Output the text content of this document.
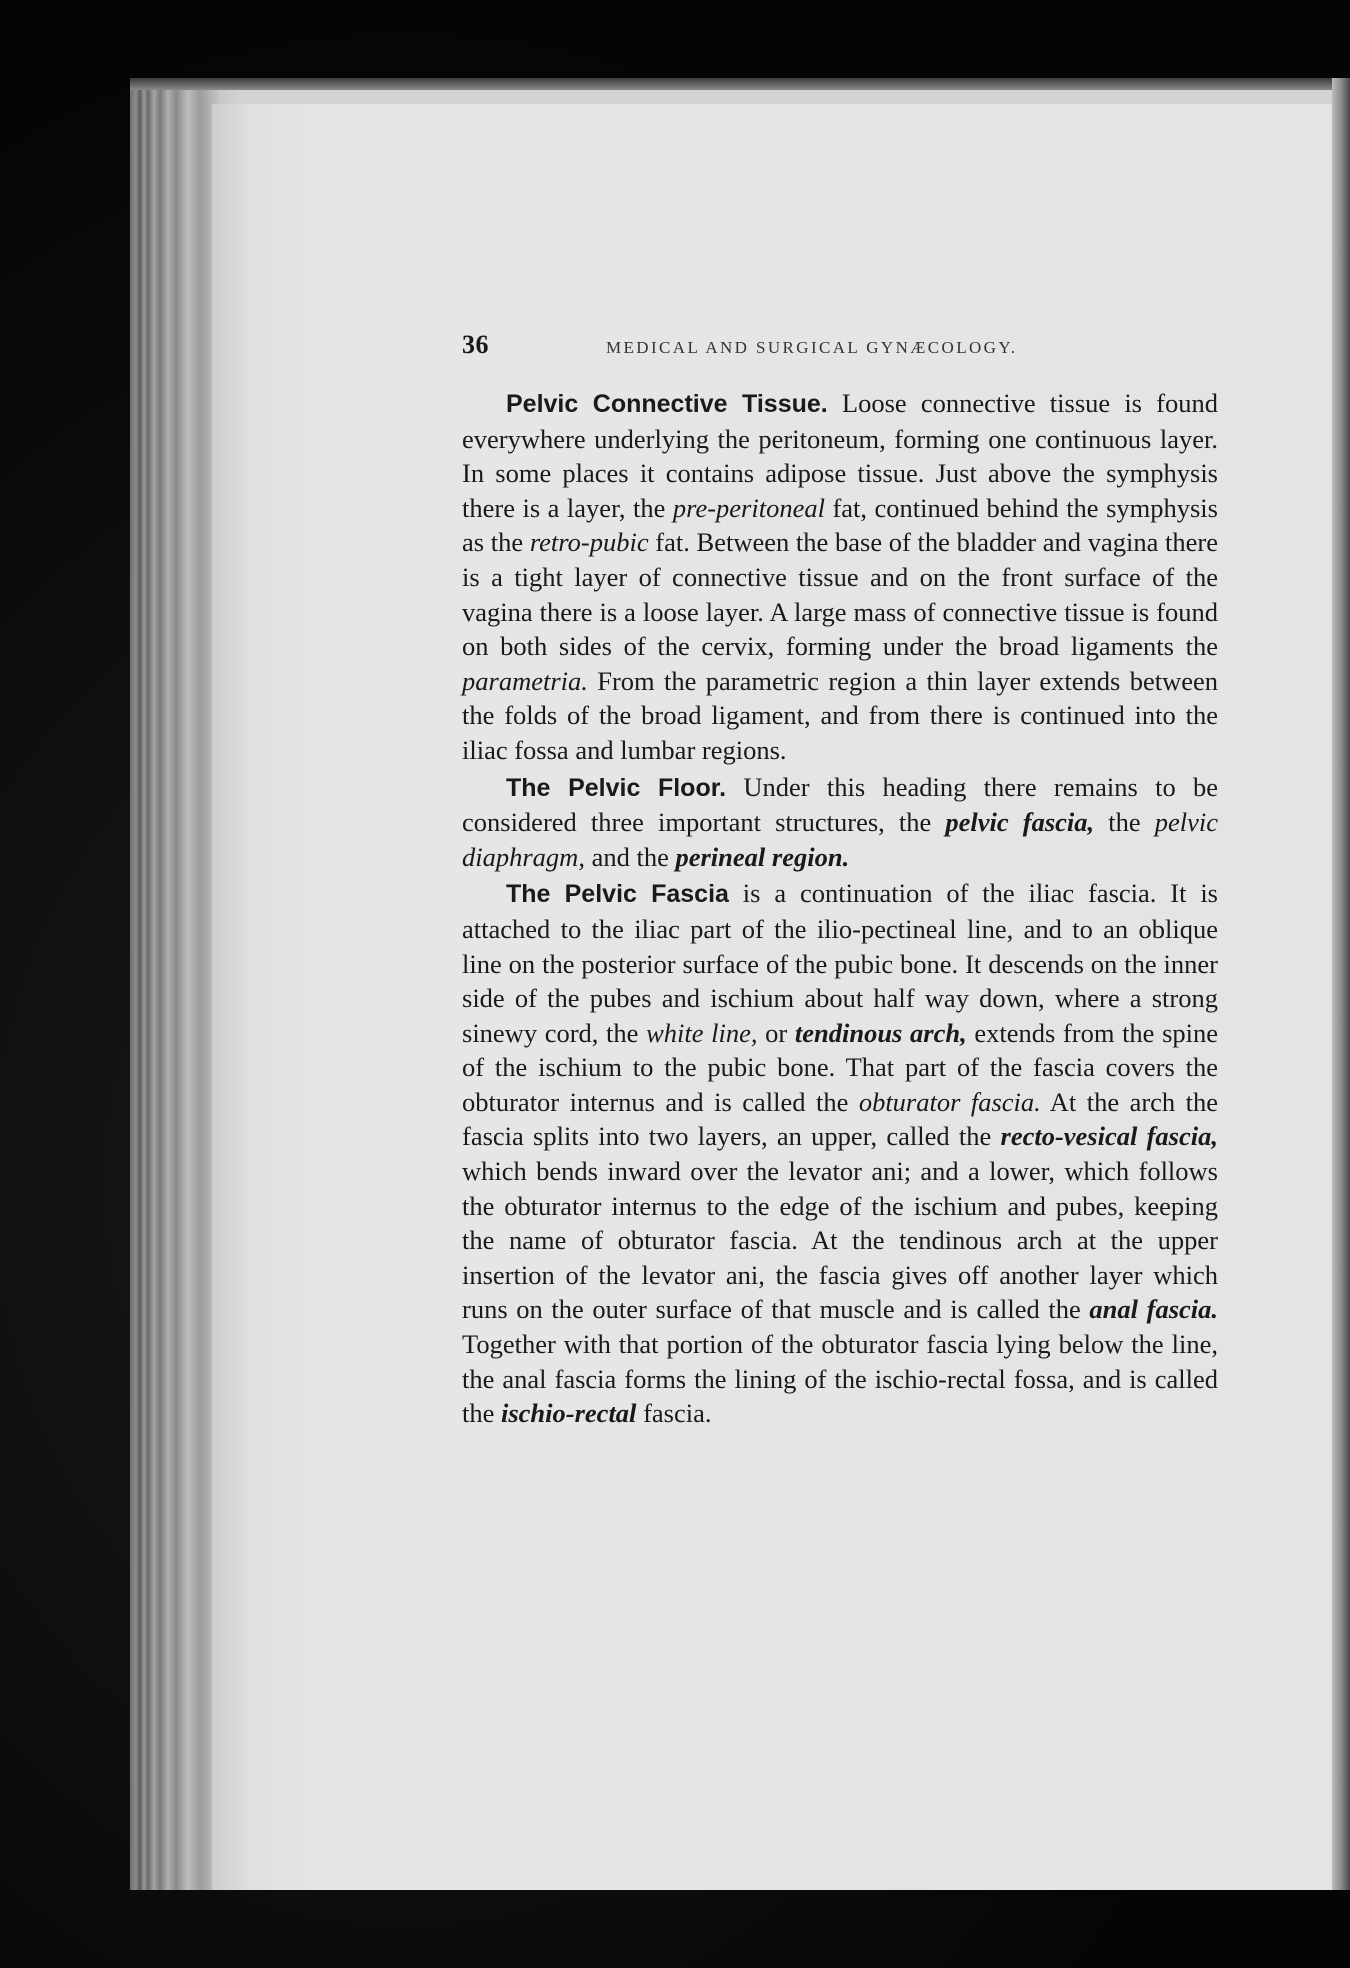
36	MEDICAL AND SURGICAL GYNÆCOLOGY.

Pelvic Connective Tissue. Loose connective tissue is found everywhere underlying the peritoneum, forming one continuous layer. In some places it contains adipose tissue. Just above the symphysis there is a layer, the pre-peritoneal fat, continued behind the symphysis as the retro-pubic fat. Between the base of the bladder and vagina there is a tight layer of connective tissue and on the front surface of the vagina there is a loose layer. A large mass of connective tissue is found on both sides of the cervix, forming under the broad ligaments the parametria. From the parametric region a thin layer extends between the folds of the broad ligament, and from there is continued into the iliac fossa and lumbar regions.

The Pelvic Floor. Under this heading there remains to be considered three important structures, the pelvic fascia, the pelvic diaphragm, and the perineal region.

The Pelvic Fascia is a continuation of the iliac fascia. It is attached to the iliac part of the ilio-pectineal line, and to an oblique line on the posterior surface of the pubic bone. It descends on the inner side of the pubes and ischium about half way down, where a strong sinewy cord, the white line, or tendinous arch, extends from the spine of the ischium to the pubic bone. That part of the fascia covers the obturator internus and is called the obturator fascia. At the arch the fascia splits into two layers, an upper, called the recto-vesical fascia, which bends inward over the levator ani; and a lower, which follows the obturator internus to the edge of the ischium and pubes, keeping the name of obturator fascia. At the tendinous arch at the upper insertion of the levator ani, the fascia gives off another layer which runs on the outer surface of that muscle and is called the anal fascia. Together with that portion of the obturator fascia lying below the line, the anal fascia forms the lining of the ischio-rectal fossa, and is called the ischio-rectal fascia.
